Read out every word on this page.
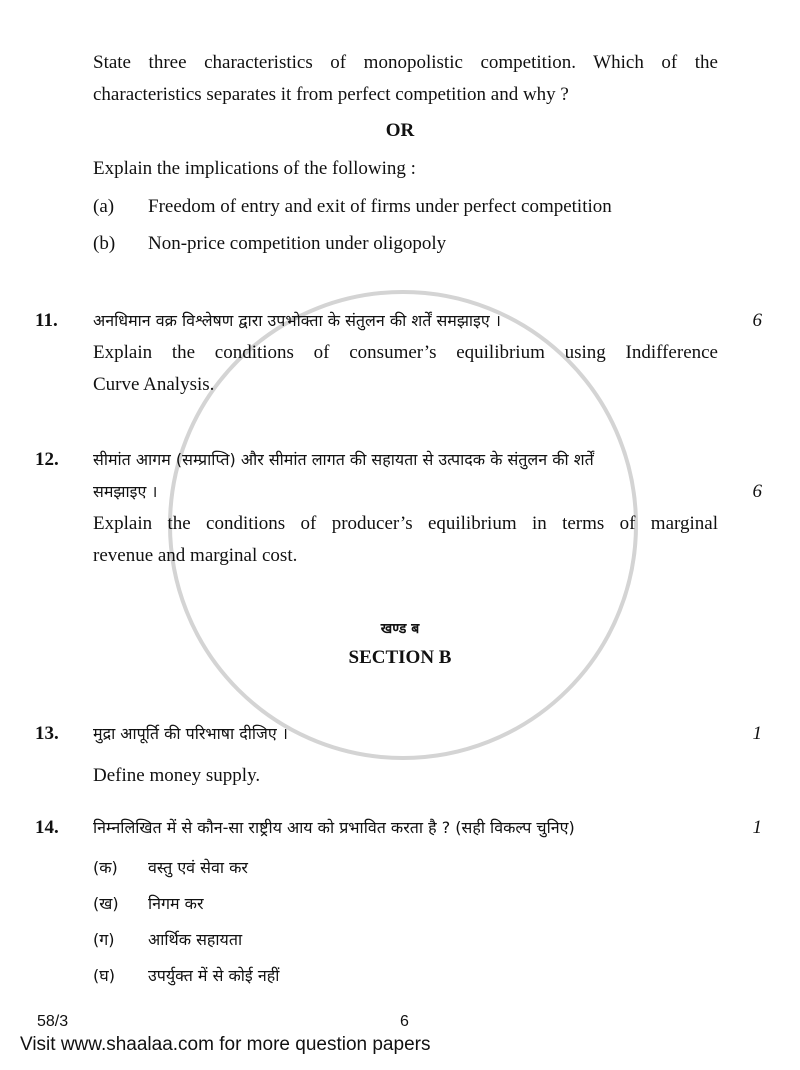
State three characteristics of monopolistic competition. Which of the
characteristics separates it from perfect competition and why ?
OR
Explain the implications of the following :
(a)	Freedom of entry and exit of firms under perfect competition
(b)	Non-price competition under oligopoly
11.	अनधिमान वक्र विश्लेषण द्वारा उपभोक्ता के संतुलन की शर्तें समझाइए ।
Explain the conditions of consumer’s equilibrium using Indifference
Curve Analysis.
6
12.	सीमांत आगम (सम्प्राप्ति) और सीमांत लागत की सहायता से उत्पादक के संतुलन की शर्तें
समझाइए ।
Explain the conditions of producer’s equilibrium in terms of marginal
revenue and marginal cost.
6
खण्ड ब
SECTION B
13.	मुद्रा आपूर्ति की परिभाषा दीजिए ।
Define money supply.
1
14.	निम्नलिखित में से कौन-सा राष्ट्रीय आय को प्रभावित करता है ? (सही विकल्प चुनिए)
(क)	वस्तु एवं सेवा कर
(ख)	निगम कर
(ग)	आर्थिक सहायता
(घ)	उपर्युक्त में से कोई नहीं
1
58/3	6
Visit www.shaalaa.com for more question papers
